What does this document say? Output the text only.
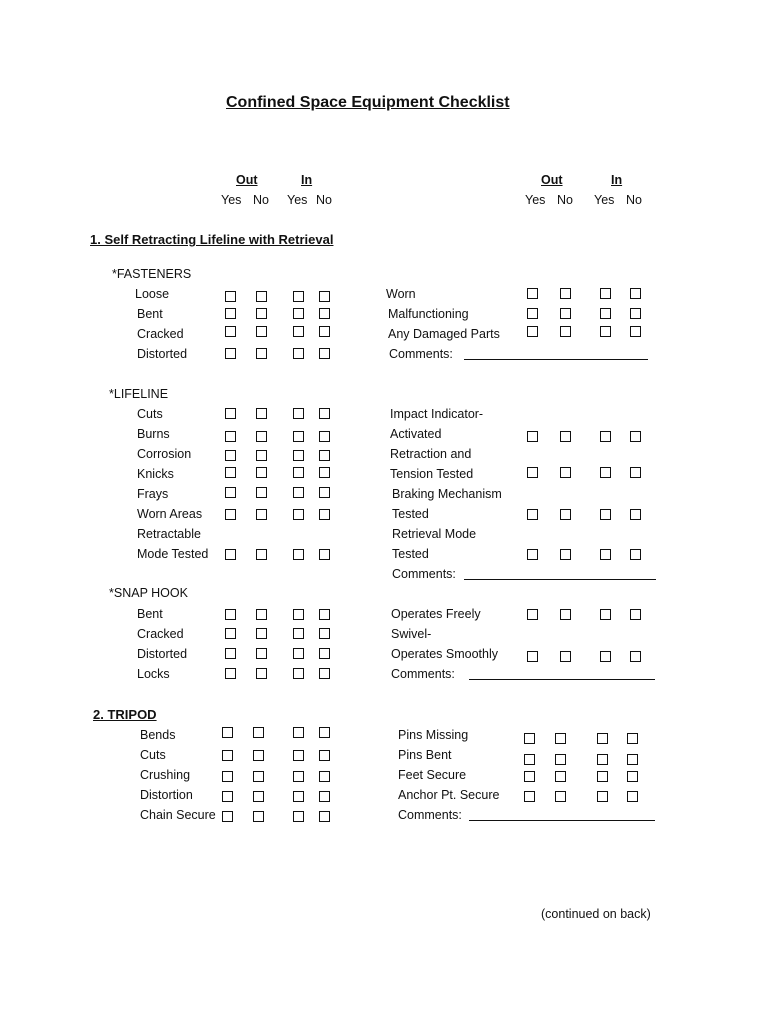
Confined Space Equipment Checklist
Out	In
Yes No Yes No
Out	In
Yes No Yes No
1. Self Retracting Lifeline with Retrieval
*FASTENERS
Loose
Bent
Cracked
Distorted
Worn
Malfunctioning
Any Damaged Parts
Comments:
*LIFELINE
Cuts
Burns
Corrosion
Knicks
Frays
Worn Areas
Retractable
Mode Tested
Impact Indicator-
Activated
Retraction and
Tension Tested
Braking Mechanism
Tested
Retrieval Mode
Tested
Comments:
*SNAP HOOK
Bent
Cracked
Distorted
Locks
Operates Freely
Swivel-
Operates Smoothly
Comments:
2. TRIPOD
Bends
Cuts
Crushing
Distortion
Chain Secure
Pins Missing
Pins Bent
Feet Secure
Anchor Pt. Secure
Comments:
(continued on back)
